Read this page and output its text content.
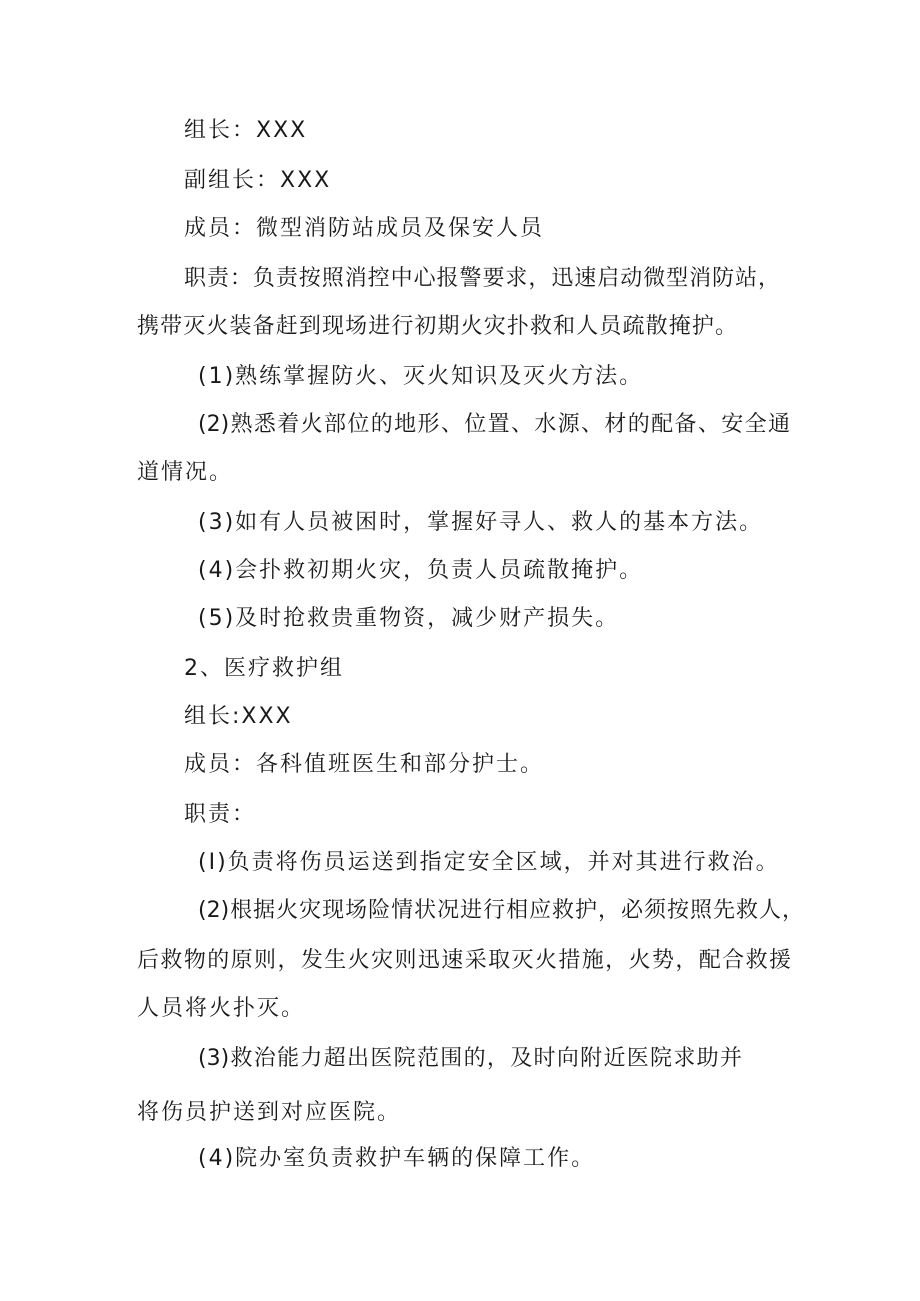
组长：XXX
副组长：XXX
成员：微型消防站成员及保安人员
职责：负责按照消控中心报警要求，迅速启动微型消防站，
携带灭火装备赶到现场进行初期火灾扑救和人员疏散掩护。
(1)熟练掌握防火、灭火知识及灭火方法。
(2)熟悉着火部位的地形、位置、水源、材的配备、安全通
道情况。
(3)如有人员被困时，掌握好寻人、救人的基本方法。
(4)会扑救初期火灾，负责人员疏散掩护。
(5)及时抢救贵重物资，减少财产损失。
2、医疗救护组
组长:XXX
成员：各科值班医生和部分护士。
职责：
(I)负责将伤员运送到指定安全区域，并对其进行救治。
(2)根据火灾现场险情状况进行相应救护，必须按照先救人，
后救物的原则，发生火灾则迅速采取灭火措施，火势，配合救援
人员将火扑灭。
(3)救治能力超出医院范围的，及时向附近医院求助并
将伤员护送到对应医院。
(4)院办室负责救护车辆的保障工作。
